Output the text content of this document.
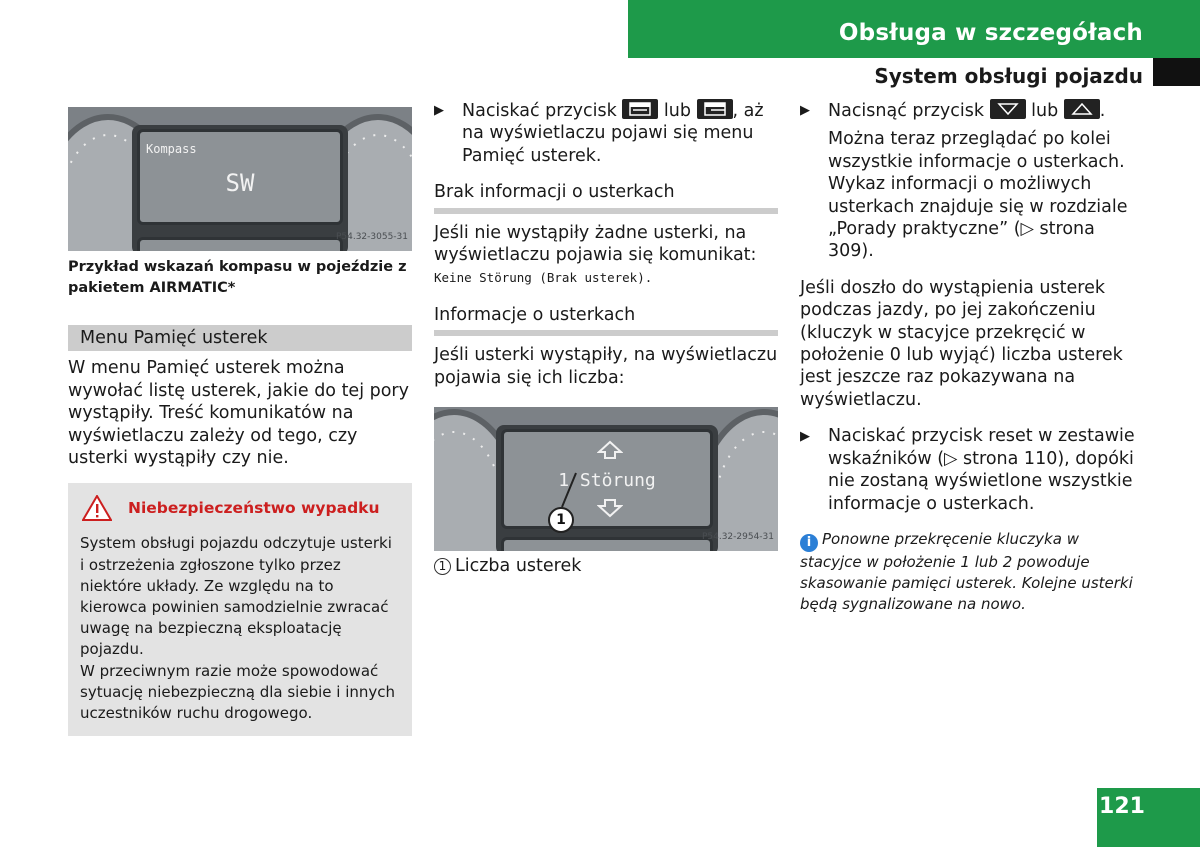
Obsługa w szczegółach
System obsługi pojazdu
Kompass
SW
P54.32-3055-31
Przykład wskazań kompasu w pojeździe z pakietem AIRMATIC*
Menu Pamięć usterek
W menu Pamięć usterek można wywołać listę usterek, jakie do tej pory wystąpiły. Treść komunikatów na wyświetlaczu zależy od tego, czy usterki wystąpiły czy nie.
Niebezpieczeństwo wypadku
System obsługi pojazdu odczytuje usterki i ostrzeżenia zgłoszone tylko przez niektóre układy. Ze względu na to kierowca powinien samodzielnie zwracać uwagę na bezpieczną eksploatację pojazdu.
W przeciwnym razie może spowodować sytuację niebezpieczną dla siebie i innych uczestników ruchu drogowego.
▶	Naciskać przycisk	lub , aż na wyświetlaczu pojawi się menu Pamięć usterek.
Brak informacji o usterkach
Jeśli nie wystąpiły żadne usterki, na wyświetlaczu pojawia się komunikat: Keine Störung (Brak usterek).
Informacje o usterkach
Jeśli usterki wystąpiły, na wyświetlaczu pojawia się ich liczba:
1 Störung
1
P54.32-2954-31
1 Liczba usterek
▶	Nacisnąć przycisk	lub .
Można teraz przeglądać po kolei wszystkie informacje o usterkach. Wykaz informacji o możliwych usterkach znajduje się w rozdziale „Porady praktyczne” (▷ strona 309).
Jeśli doszło do wystąpienia usterek podczas jazdy, po jej zakończeniu (kluczyk w stacyjce przekręcić w położenie 0 lub wyjąć) liczba usterek jest jeszcze raz pokazywana na wyświetlaczu.
▶	Naciskać przycisk reset w zestawie wskaźników (▷ strona 110), dopóki nie zostaną wyświetlone wszystkie informacje o usterkach.
i Ponowne przekręcenie kluczyka w stacyjce w położenie 1 lub 2 powoduje skasowanie pamięci usterek. Kolejne usterki będą sygnalizowane na nowo.
121
